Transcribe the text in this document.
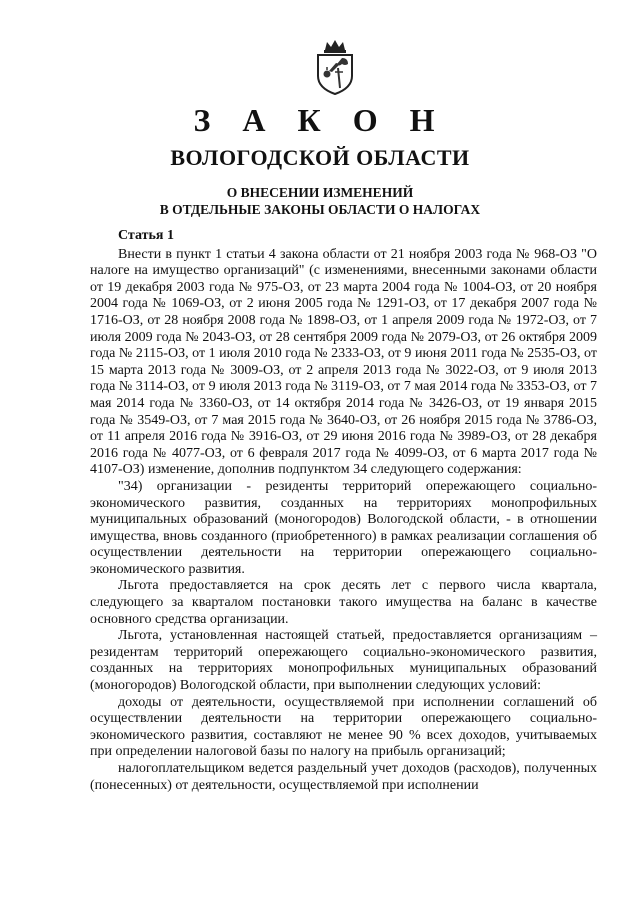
З А К О Н
ВОЛОГОДСКОЙ ОБЛАСТИ
О ВНЕСЕНИИ ИЗМЕНЕНИЙ
В ОТДЕЛЬНЫЕ ЗАКОНЫ ОБЛАСТИ О НАЛОГАХ
Статья 1

Внести в пункт 1 статьи 4 закона области от 21 ноября 2003 года № 968-ОЗ "О налоге на имущество организаций" (с изменениями, внесенными законами области от 19 декабря 2003 года № 975-ОЗ, от 23 марта 2004 года № 1004-ОЗ, от 20 ноября 2004 года № 1069-ОЗ, от 2 июня 2005 года № 1291-ОЗ, от 17 декабря 2007 года № 1716-ОЗ, от 28 ноября 2008 года № 1898-ОЗ, от 1 апреля 2009 года № 1972-ОЗ, от 7 июля 2009 года № 2043-ОЗ, от 28 сентября 2009 года № 2079-ОЗ, от 26 октября 2009 года № 2115-ОЗ, от 1 июля 2010 года № 2333-ОЗ, от 9 июня 2011 года № 2535-ОЗ, от 15 марта 2013 года № 3009-ОЗ, от 2 апреля 2013 года № 3022-ОЗ, от 9 июля 2013 года № 3114-ОЗ, от 9 июля 2013 года № 3119-ОЗ, от 7 мая 2014 года № 3353-ОЗ, от 7 мая 2014 года № 3360-ОЗ, от 14 октября 2014 года № 3426-ОЗ, от 19 января 2015 года № 3549-ОЗ, от 7 мая 2015 года № 3640-ОЗ, от 26 ноября 2015 года № 3786-ОЗ, от 11 апреля 2016 года № 3916-ОЗ, от 29 июня 2016 года № 3989-ОЗ, от 28 декабря 2016 года № 4077-ОЗ, от 6 февраля 2017 года № 4099-ОЗ, от 6 марта 2017 года № 4107-ОЗ) изменение, дополнив подпунктом 34 следующего содержания:

"34) организации - резиденты территорий опережающего социально-экономического развития, созданных на территориях монопрофильных муниципальных образований (моногородов) Вологодской области, - в отношении имущества, вновь созданного (приобретенного) в рамках реализации соглашения об осуществлении деятельности на территории опережающего социально-экономического развития.

Льгота предоставляется на срок десять лет с первого числа квартала, следующего за кварталом постановки такого имущества на баланс в качестве основного средства организации.

Льгота, установленная настоящей статьей, предоставляется организациям – резидентам территорий опережающего социально-экономического развития, созданных на территориях монопрофильных муниципальных образований (моногородов) Вологодской области, при выполнении следующих условий:

доходы от деятельности, осуществляемой при исполнении соглашений об осуществлении деятельности на территории опережающего социально-экономического развития, составляют не менее 90 % всех доходов, учитываемых при определении налоговой базы по налогу на прибыль организаций;

налогоплательщиком ведется раздельный учет доходов (расходов), полученных (понесенных) от деятельности, осуществляемой при исполнении
